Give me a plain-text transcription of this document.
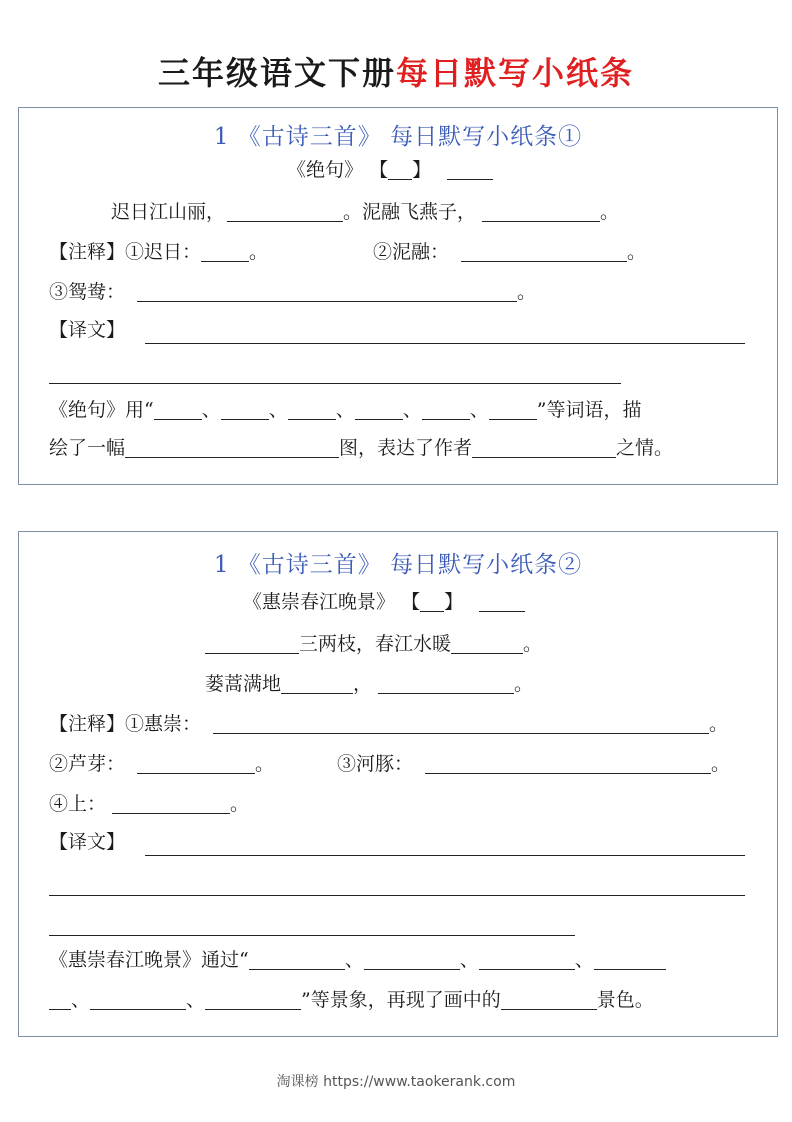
三年级语文下册每日默写小纸条
1 《古诗三首》 每日默写小纸条①
《绝句》 【 】
迟日江山丽，	。泥融飞燕子，	。
【注释】①迟日：	。	②泥融：	。
③鸳鸯：	。
【译文】
《绝句》用“	、	、	、	、	、	”等词语，描
绘了一幅	图，表达了作者	之情。
1 《古诗三首》 每日默写小纸条②
《惠崇春江晚景》 【 】
三两枝，春江水暖	。
蒌蒿满地	，	。
【注释】①惠崇：	。
②芦芽：	。	③河豚：	。
④上：	。
【译文】
《惠崇春江晚景》通过“	、	、	、
、	、	”等景象，再现了画中的	景色。
淘课榜 https://www.taokerank.com
